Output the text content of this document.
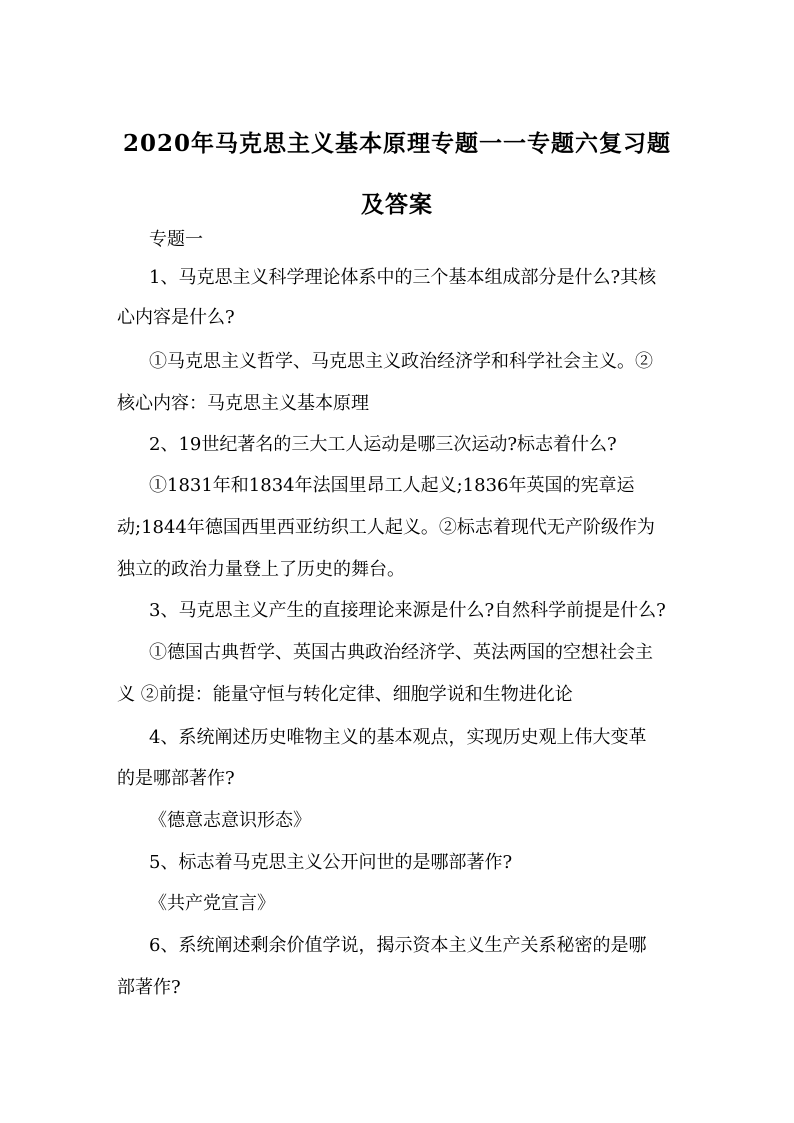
2020年马克思主义基本原理专题一一专题六复习题
及答案
专题一
1、马克思主义科学理论体系中的三个基本组成部分是什么?其核
心内容是什么?
①马克思主义哲学、马克思主义政治经济学和科学社会主义。②
核心内容：马克思主义基本原理
2、19世纪著名的三大工人运动是哪三次运动?标志着什么?
①1831年和1834年法国里昂工人起义;1836年英国的宪章运
动;1844年德国西里西亚纺织工人起义。②标志着现代无产阶级作为
独立的政治力量登上了历史的舞台。
3、马克思主义产生的直接理论来源是什么?自然科学前提是什么?
①德国古典哲学、英国古典政治经济学、英法两国的空想社会主
义 ②前提：能量守恒与转化定律、细胞学说和生物进化论
4、系统阐述历史唯物主义的基本观点，实现历史观上伟大变革
的是哪部著作?
《德意志意识形态》
5、标志着马克思主义公开问世的是哪部著作?
《共产党宣言》
6、系统阐述剩余价值学说，揭示资本主义生产关系秘密的是哪
部著作?
